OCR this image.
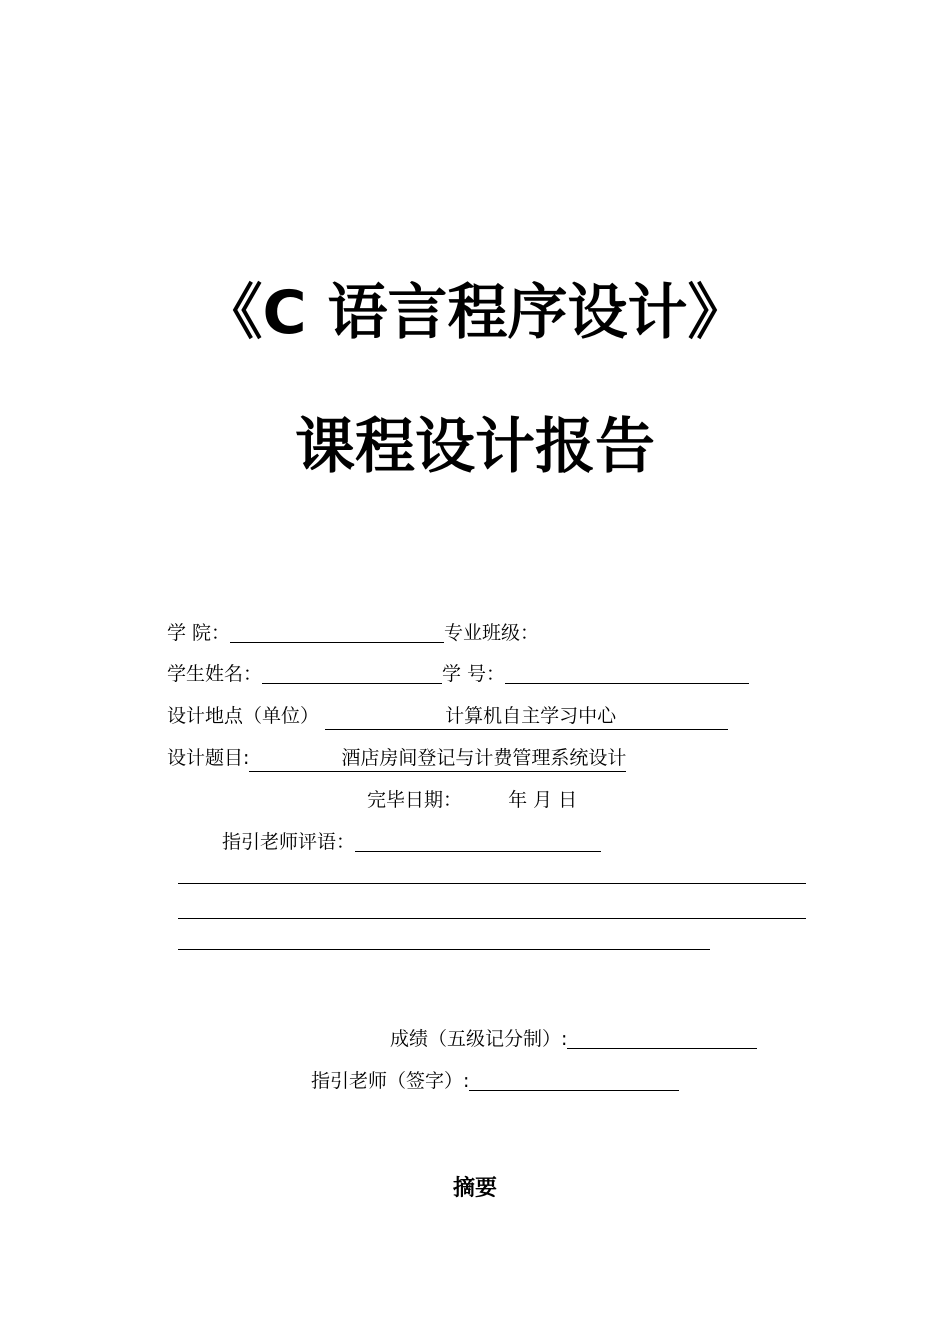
《C 语言程序设计》
课程设计报告
学 院：	专业班级：
学生姓名：	学 号：
设计地点（单位）	计算机自主学习中心
设计题目:	酒店房间登记与计费管理系统设计
完毕日期： 年 月 日
指引老师评语：
成绩（五级记分制）:
指引老师（签字）:
摘要
